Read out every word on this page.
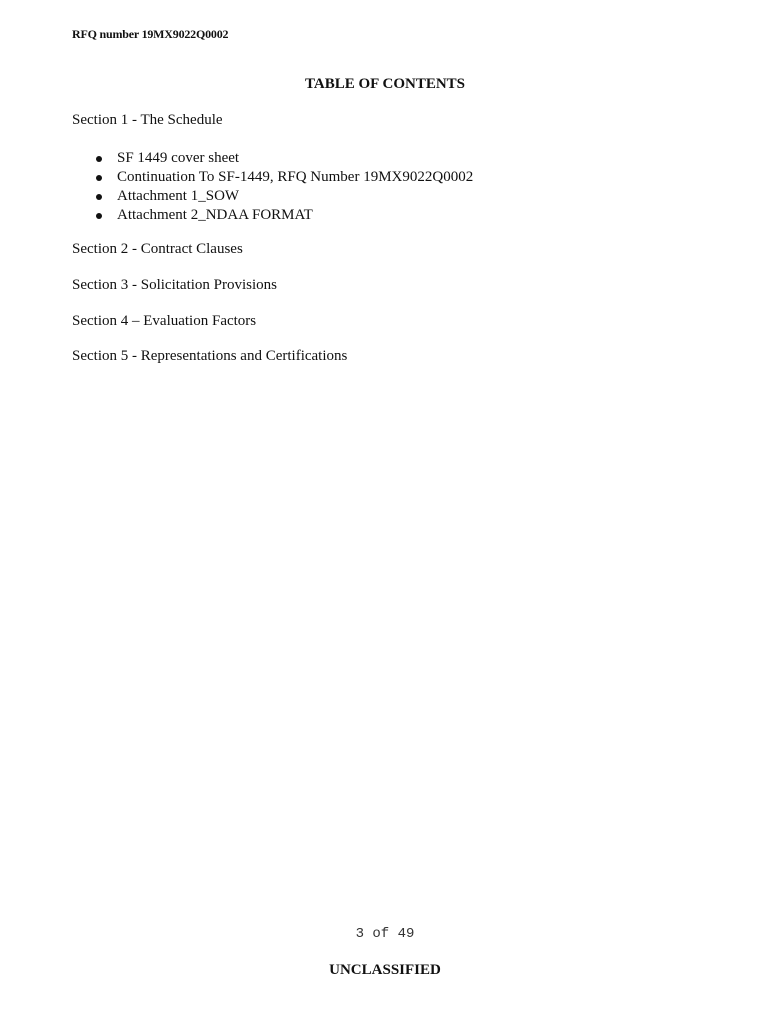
RFQ number 19MX9022Q0002
TABLE OF CONTENTS
Section 1 - The Schedule
SF 1449 cover sheet
Continuation To SF-1449, RFQ Number 19MX9022Q0002
Attachment 1_SOW
Attachment 2_NDAA FORMAT
Section 2 - Contract Clauses
Section 3 - Solicitation Provisions
Section 4 – Evaluation Factors
Section 5 - Representations and Certifications
3 of 49
UNCLASSIFIED
